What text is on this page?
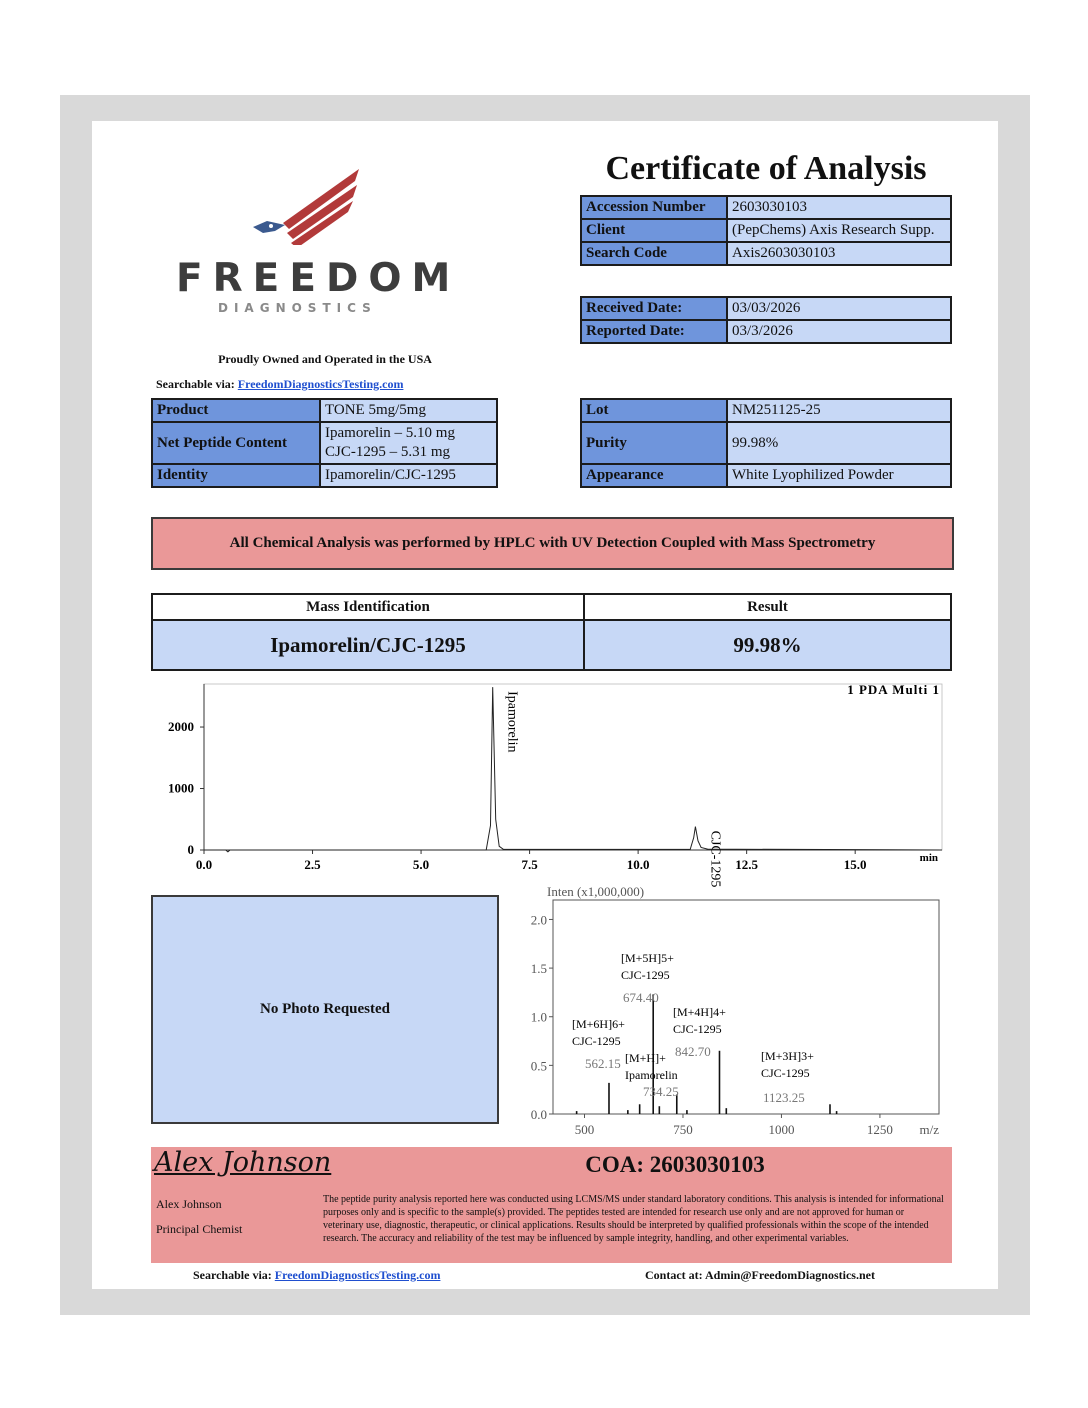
FREEDOM
DIAGNOSTICS
Proudly Owned and Operated in the USA
Searchable via: FreedomDiagnosticsTesting.com
Certificate of Analysis
Accession Number	2603030103
Client	(PepChems) Axis Research Supp.
Search Code	Axis2603030103
Received Date:	03/03/2026
Reported Date:	03/3/2026
Product	TONE 5mg/5mg
Net Peptide Content	Ipamorelin – 5.10 mg
CJC-1295 – 5.31 mg
Identity	Ipamorelin/CJC-1295
Lot	NM251125-25
Purity	99.98%
Appearance	White Lyophilized Powder
All Chemical Analysis was performed by HPLC with UV Detection Coupled with Mass Spectrometry
Mass Identification	Result
Ipamorelin/CJC-1295	99.98%
0
1000
2000
0.0	2.5	5.0	7.5	10.0	12.5	15.0	min
1 PDA Multi 1
Ipamorelin
CJC-1295
No Photo Requested
Inten (x1,000,000)
0.0
0.5
1.0
1.5
2.0
500	750	1000	1250 m/z
[M+5H]5+
CJC-1295
674.40
[M+6H]6+
CJC-1295
562.15
[M+4H]4+
CJC-1295
842.70
[M+H]+
Ipamorelin
734.25
[M+3H]3+
CJC-1295
1123.25
Alex Johnson	COA: 2603030103
Alex Johnson
Principal Chemist
The peptide purity analysis reported here was conducted using LCMS/MS under standard laboratory conditions. This analysis is intended for informational purposes only and is specific to the sample(s) provided. The peptides tested are intended for research use only and are not approved for human or veterinary use, diagnostic, therapeutic, or clinical applications. Results should be interpreted by qualified professionals within the scope of the intended research. The accuracy and reliability of the test may be influenced by sample integrity, handling, and other experimental variables.
Searchable via: FreedomDiagnosticsTesting.com	Contact at: Admin@FreedomDiagnostics.net
